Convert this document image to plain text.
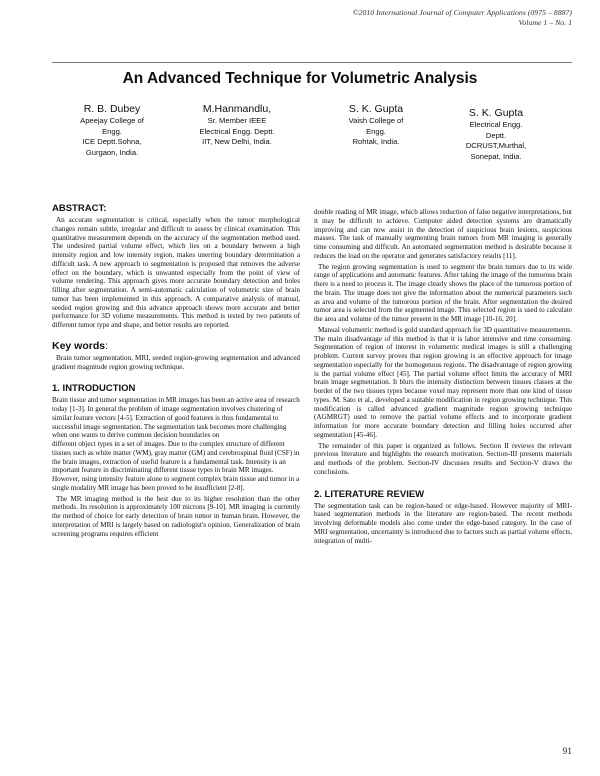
©2010 International Journal of Computer Applications (0975 – 8887)
Volume 1 – No. 1
An Advanced Technique for Volumetric Analysis
R. B. Dubey
Apeejay College of
Engg.
ICE Deptt.Sohna,
Gurgaon, India.
M.Hanmandlu,
Sr. Member IEEE
Electrical Engg. Deptt.
IIT, New Delhi, India.
S. K. Gupta
Vaish College of
Engg.
Rohtak, India.
S. K. Gupta
Electrical Engg.
Deptt.
DCRUST,Murthal,
Sonepat, India.
ABSTRACT:

An accurate segmentation is critical, especially when the tumor morphological changes remain subtle, irregular and difficult to assess by clinical examination. This quantitative measurement depends on the accuracy of the segmentation method used. The undesired partial volume effect, which lies on a boundary between a high intensity region and low intensity region, makes unerring boundary determination a difficult task. A new approach to segmentation is proposed that removes the adverse effect on the boundary, which is unwanted especially from the point of view of volume rendering. This approach gives more accurate boundary detection and holes filling after segmentation. A semi-automatic calculation of volumetric size of brain tumor has been implemented in this approach. A comparative analysis of manual, seeded region growing and this advance approach shows more accurate and better performance for 3D volume measurements. This method is tested by two patients of different tumor type and shape, and better results are reported.

Key words:

Brain tumor segmentation, MRI, seeded region-growing segmentation and advanced gradient magnitude region growing technique.

1. INTRODUCTION

Brain tissue and tumor segmentation in MR images has been an active area of research today [1-3]. In general the problem of image segmentation involves clustering of similar feature vectors [4-5]. Extraction of good features is thus fundamental to successful image segmentation. The segmentation task becomes more challenging when one wants to derive common decision boundaries on

different object types in a set of images. Due to the complex structure of different tissues such as white matter (WM), gray matter (GM) and cerebrospinal fluid (CSF) in the brain images, extraction of useful feature is a fundamental task. Intensity is an important feature in discriminating different tissue types in brain MR images. However, using intensity feature alone to segment complex brain tissue and tumor in a single modality MR image has been proved to be insufficient [2-8].

The MR imaging method is the best due to its higher resolution than the other methods. Its resolution is approximately 100 microns [9-10]. MR imaging is currently the method of choice for early detection of brain tumor in human brain. However, the interpretation of MRI is largely based on radiologist's opinion. Generalization of brain screening programs requires efficient

double reading of MR image, which allows reduction of false negative interpretations, but it may be difficult to achieve. Computer aided detection systems are dramatically improving and can now assist in the detection of suspicious brain lesions, suspicious masses. The task of manually segmenting brain tumors from MR imaging is generally time consuming and difficult. An automated segmentation method is desirable because it reduces the load on the operator and generates satisfactory results [11].

The region growing segmentation is used to segment the brain tumors due to its wide range of applications and automatic features. After taking the image of the tumorous brain there is a need to process it. The image clearly shows the place of the tumorous portion of the brain. The image does not give the information about the numerical parameters such as area and volume of the tumorous portion of the brain. After segmentation the desired tumor area is selected from the segmented image. This selected region is used to calculate the area and volume of the tumor present in the MR image [10-16, 20].

Manual volumetric method is gold standard approach for 3D quantitative measurements. The main disadvantage of this method is that it is labor intensive and time consuming. Segmentation of region of interest in volumetric medical images is still a challenging problem. Current survey proves that region growing is an effective approach for image segmentation especially for the homogenous regions. The disadvantage of region growing is the partial volume effect [45]. The partial volume effect limits the accuracy of MRI brain image segmentation. It blurs the intensity distinction between tissues classes at the border of the two tissues types because voxel may represent more than one kind of tissue types. M. Sato et al., developed a suitable modification in region growing technique. This modification is called advanced gradient magnitude region growing technique (AGMRGT) used to remove the partial volume effects and to incorporate gradient information for more accurate boundary detection and filling holes occurred after segmentation [45-46].

The remainder of this paper is organized as follows. Section II reviews the relevant previous literature and highlights the research motivation. Section-III presents materials and methods of the problem. Section-IV discusses results and Section-V draws the conclusions.

2. LITERATURE REVIEW

The segmentation task can be region-based or edge-based. However majority of MRI-based segmentation methods in the literature are region-based. The recent methods involving deformable models also come under the edge-based category. In the case of MRI segmentation, uncertainty is introduced due to factors such as partial volume effects, integration of multi-

91
